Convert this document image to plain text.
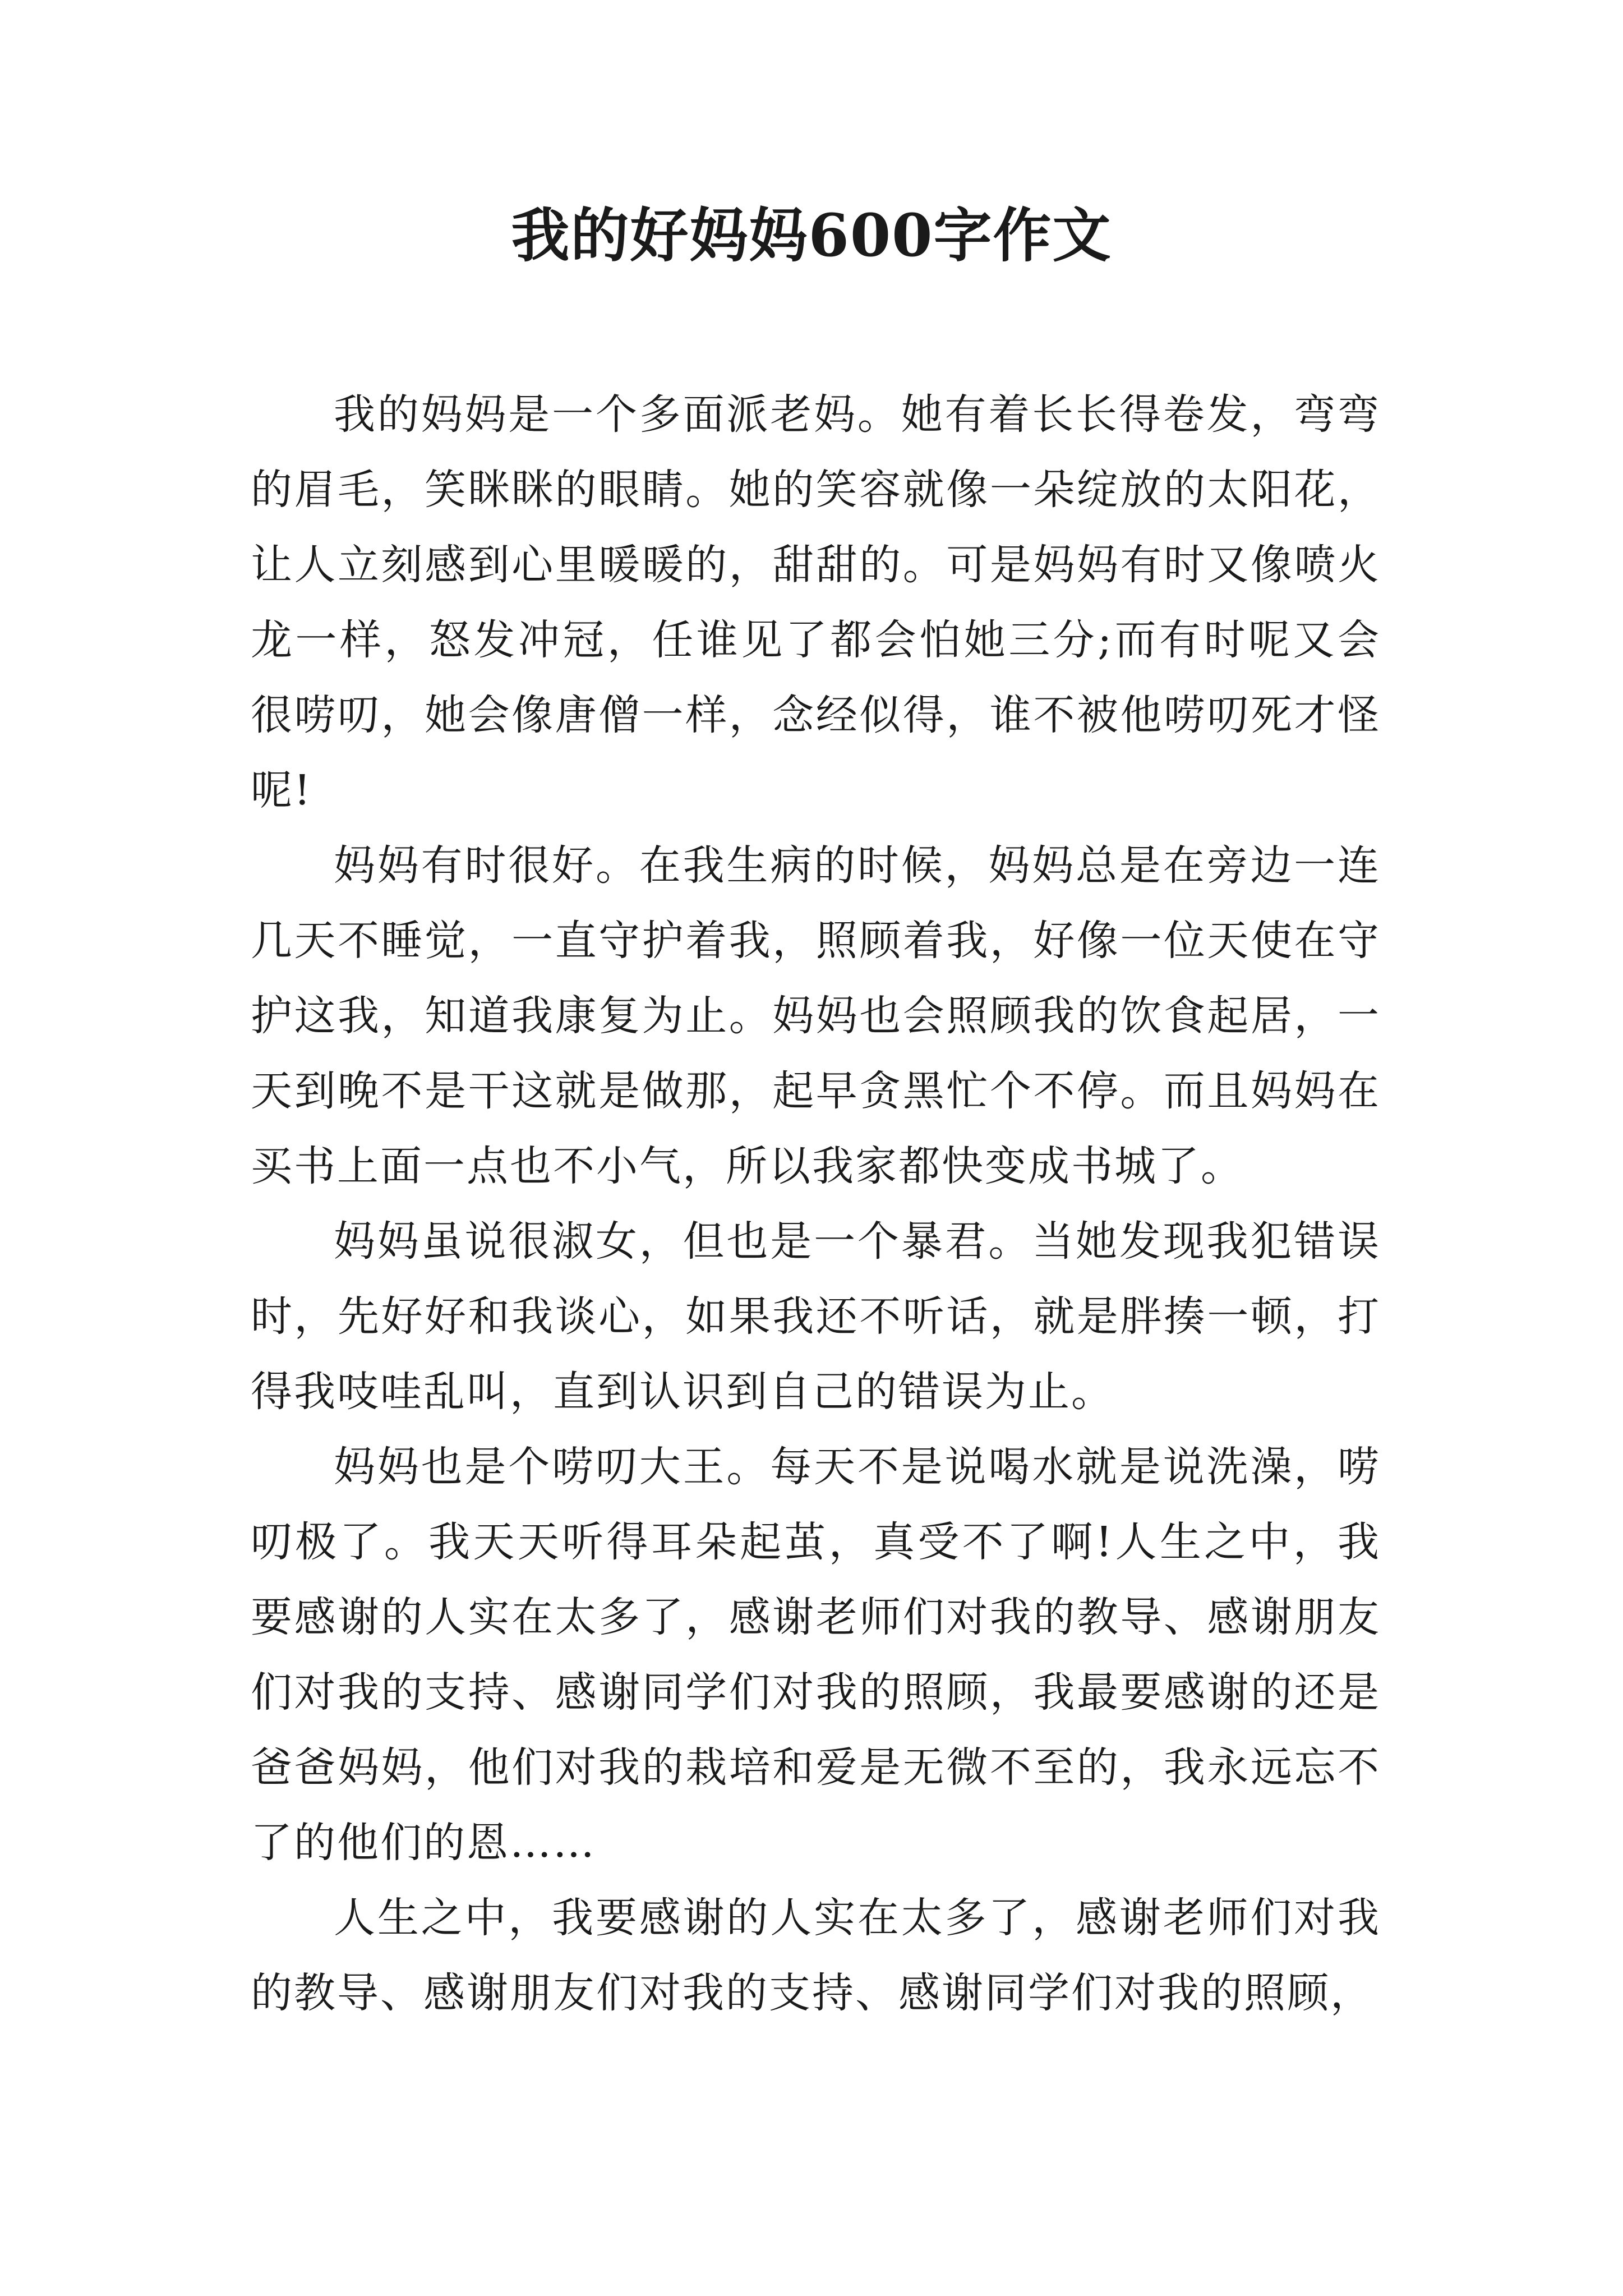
我的好妈妈600字作文

我的妈妈是一个多面派老妈。她有着长长得卷发，弯弯的眉毛，笑眯眯的眼睛。她的笑容就像一朵绽放的太阳花，让人立刻感到心里暖暖的，甜甜的。可是妈妈有时又像喷火龙一样，怒发冲冠，任谁见了都会怕她三分;而有时呢又会很唠叨，她会像唐僧一样，念经似得，谁不被他唠叨死才怪呢!

妈妈有时很好。在我生病的时候，妈妈总是在旁边一连几天不睡觉，一直守护着我，照顾着我，好像一位天使在守护这我，知道我康复为止。妈妈也会照顾我的饮食起居，一天到晚不是干这就是做那，起早贪黑忙个不停。而且妈妈在买书上面一点也不小气，所以我家都快变成书城了。

妈妈虽说很淑女，但也是一个暴君。当她发现我犯错误时，先好好和我谈心，如果我还不听话，就是胖揍一顿，打得我吱哇乱叫，直到认识到自己的错误为止。

妈妈也是个唠叨大王。每天不是说喝水就是说洗澡，唠叨极了。我天天听得耳朵起茧，真受不了啊!人生之中，我要感谢的人实在太多了，感谢老师们对我的教导、感谢朋友们对我的支持、感谢同学们对我的照顾，我最要感谢的还是爸爸妈妈，他们对我的栽培和爱是无微不至的，我永远忘不了的他们的恩……

人生之中，我要感谢的人实在太多了，感谢老师们对我的教导、感谢朋友们对我的支持、感谢同学们对我的照顾，
